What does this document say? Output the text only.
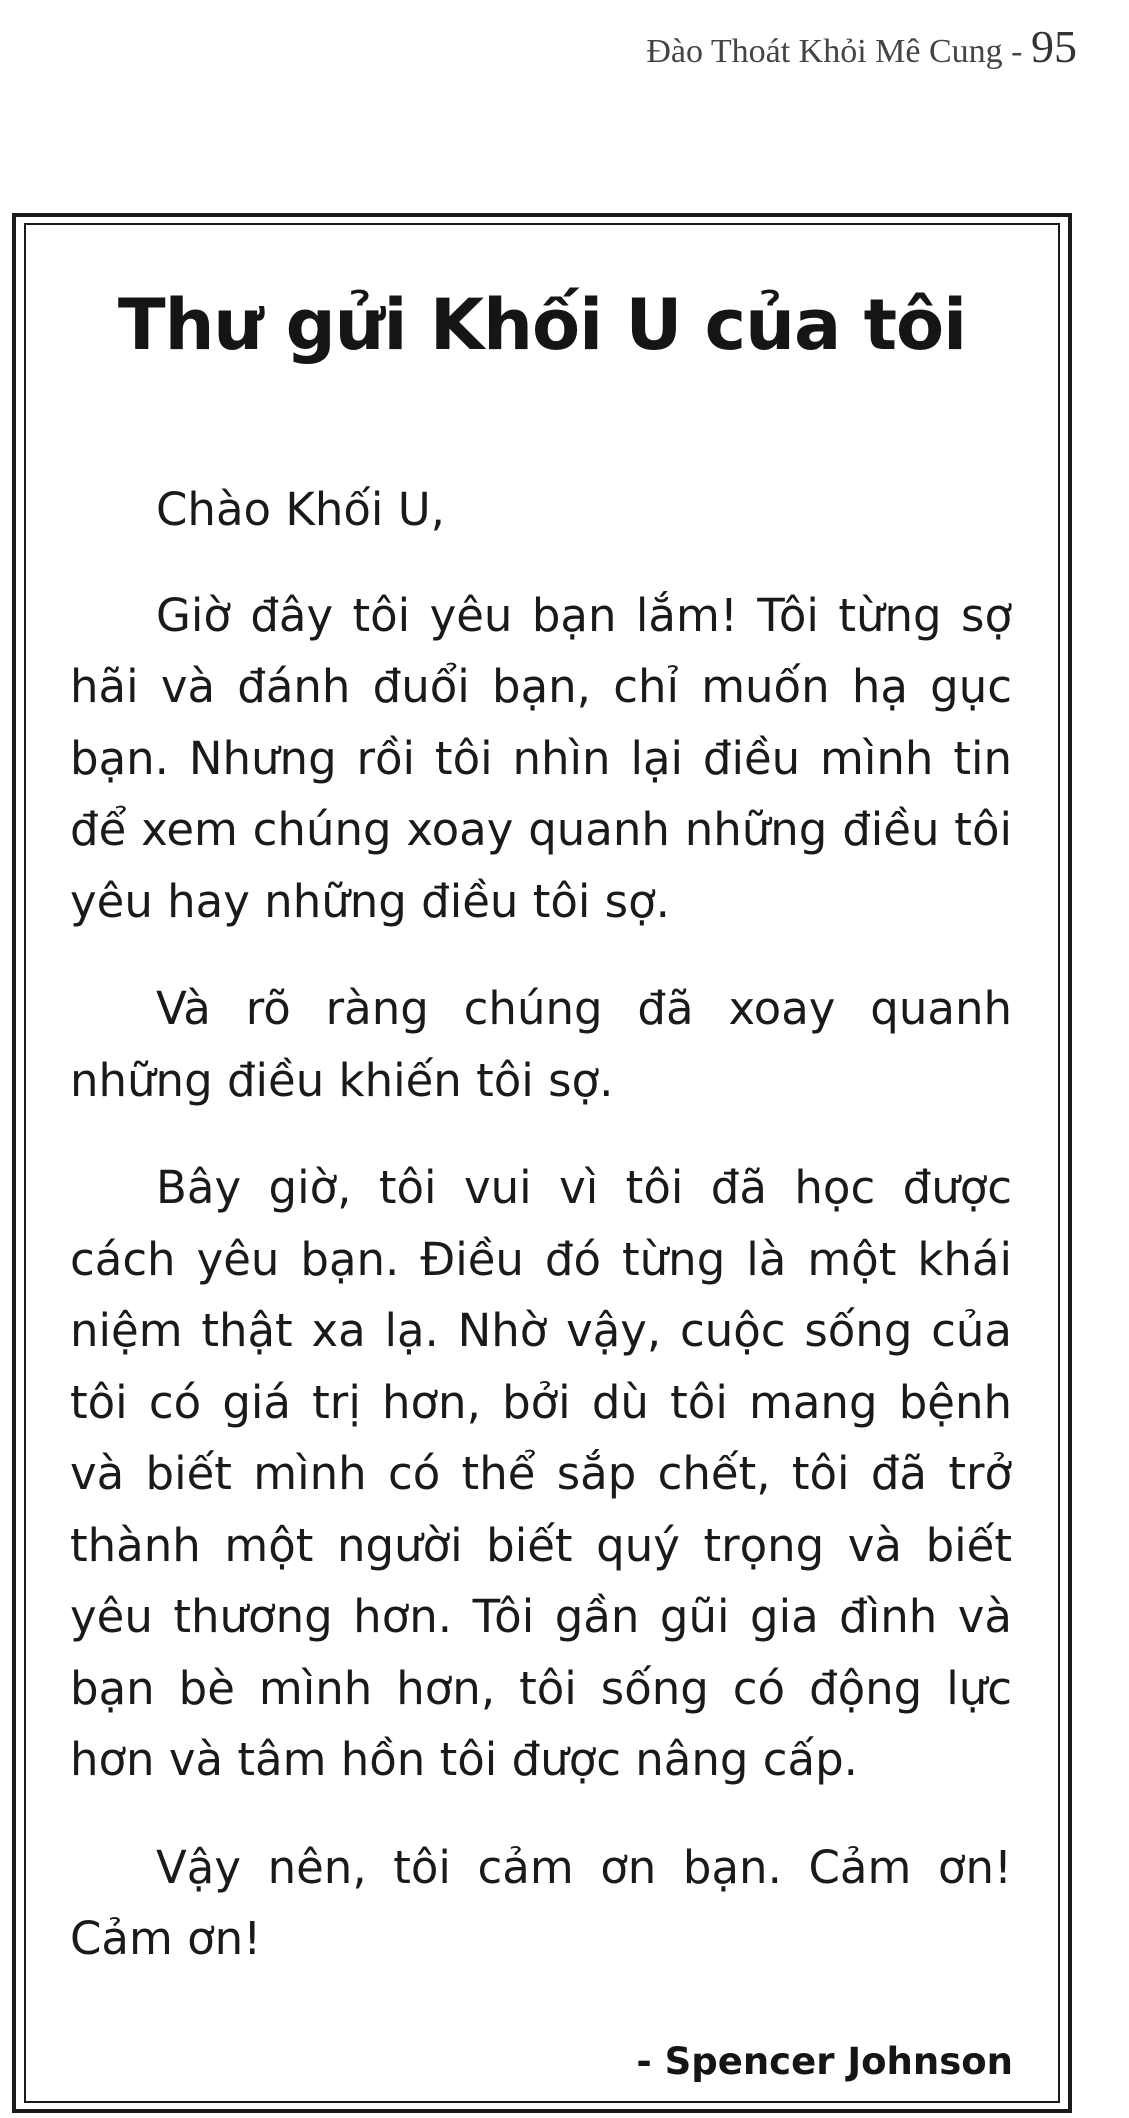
Đào Thoát Khỏi Mê Cung - 95
Thư gửi Khối U của tôi

Chào Khối U,

Giờ đây tôi yêu bạn lắm! Tôi từng sợ hãi và đánh đuổi bạn, chỉ muốn hạ gục bạn. Nhưng rồi tôi nhìn lại điều mình tin để xem chúng xoay quanh những điều tôi yêu hay những điều tôi sợ.

Và rõ ràng chúng đã xoay quanh những điều khiến tôi sợ.

Bây giờ, tôi vui vì tôi đã học được cách yêu bạn. Điều đó từng là một khái niệm thật xa lạ. Nhờ vậy, cuộc sống của tôi có giá trị hơn, bởi dù tôi mang bệnh và biết mình có thể sắp chết, tôi đã trở thành một người biết quý trọng và biết yêu thương hơn. Tôi gần gũi gia đình và bạn bè mình hơn, tôi sống có động lực hơn và tâm hồn tôi được nâng cấp.

Vậy nên, tôi cảm ơn bạn. Cảm ơn! Cảm ơn!

- Spencer Johnson
